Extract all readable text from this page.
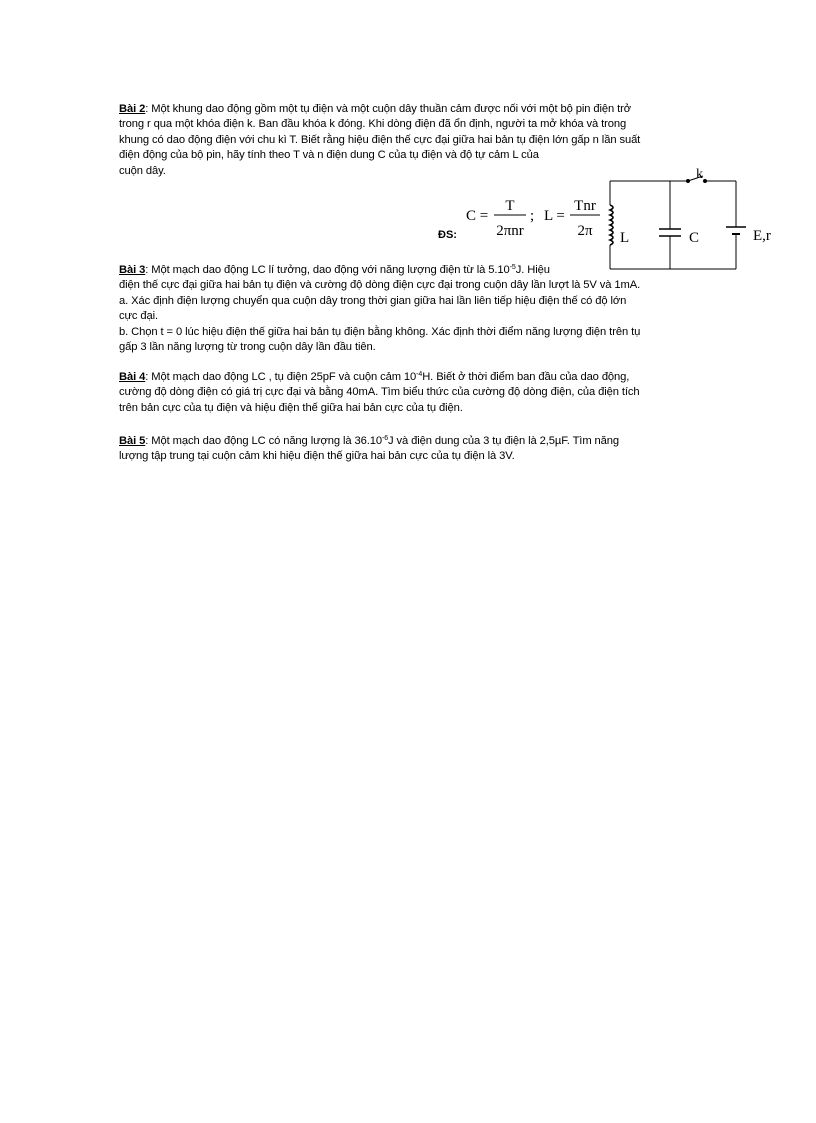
Bài 2: Một khung dao động gồm một tụ điện và một cuộn dây thuần cảm được nối với một bộ pin điện trở

trong r qua một khóa điện k. Ban đầu khóa k đóng. Khi dòng điện đã ổn định, người ta mở khóa và trong

khung có dao động điện với chu kì T. Biết rằng hiệu điện thế cực đại giữa hai bản tụ điện lớn gấp n lần suất

điện động của bộ pin, hãy tính theo T và n điện dung C của tụ điện và độ tự cảm L của

cuộn dây.

ĐS:
C =
T
2πnr
; L =
Tnr
2π
k
L	C	E,r

Bài 3: Một mạch dao động LC lí tưởng, dao động với năng lượng điện từ là $5.10^{-5}J$. Hiệu

điện thế cực đại giữa hai bản tụ điện và cường độ dòng điện cực đại trong cuộn dây lần lượt là 5V và 1mA.

a. Xác định điện lượng chuyển qua cuộn dây trong thời gian giữa hai lần liên tiếp hiệu điện thế có độ lớn

cực đại.

b. Chọn t = 0 lúc hiệu điện thế giữa hai bản tụ điện bằng không. Xác định thời điểm năng lượng điện trên tụ

gấp 3 lần năng lượng từ trong cuộn dây lần đầu tiên.

Bài 4: Một mạch dao động LC , tụ điện 25pF và cuộn cảm $10^{-4}H$. Biết ở thời điểm ban đầu của dao động,

cường độ dòng điện có giá trị cực đại và bằng 40mA. Tìm biểu thức của cường độ dòng điện, của điện tích

trên bản cực của tụ điện và hiệu điện thế giữa hai bản cực của tụ điện.

Bài 5: Một mạch dao động LC có năng lượng là $36.10^{-6}J$ và điện dung của 3 tụ điện là 2,5µF. Tìm năng

lượng tập trung tại cuộn cảm khi hiệu điện thế giữa hai bản cực của tụ điện là 3V.
